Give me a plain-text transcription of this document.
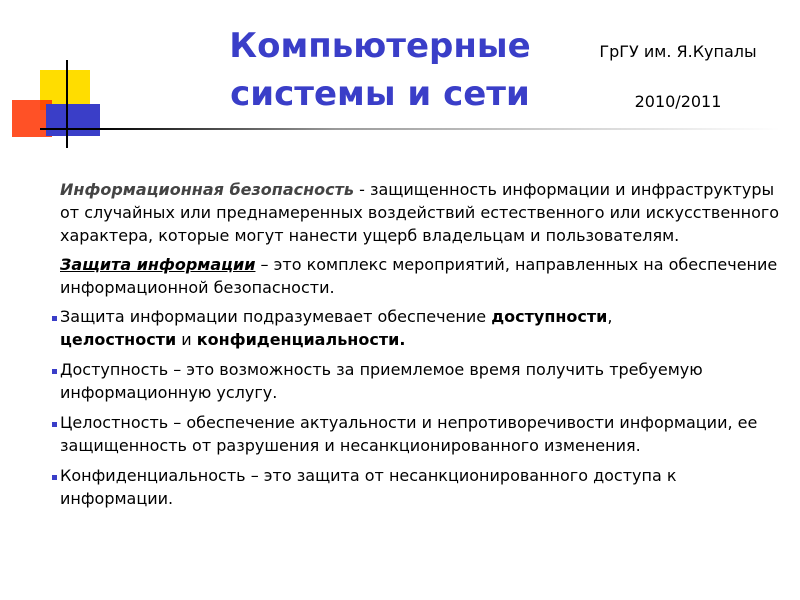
Компьютерные
системы и сети
ГрГУ им. Я.Купалы
2010/2011

Информационная безопасность - защищенность информации и инфраструктуры от случайных или преднамеренных воздействий естественного или искусственного характера, которые могут нанести ущерб владельцам и пользователям.

Защита информации – это комплекс мероприятий, направленных на обеспечение информационной безопасности.

Защита информации подразумевает обеспечение доступности,
целостности и конфиденциальности.
Доступность – это возможность за приемлемое время получить требуемую информационную услугу.
Целостность – обеспечение актуальности и непротиворечивости информации, ее защищенность от разрушения и несанкционированного изменения.
Конфиденциальность – это защита от несанкционированного доступа к информации.
